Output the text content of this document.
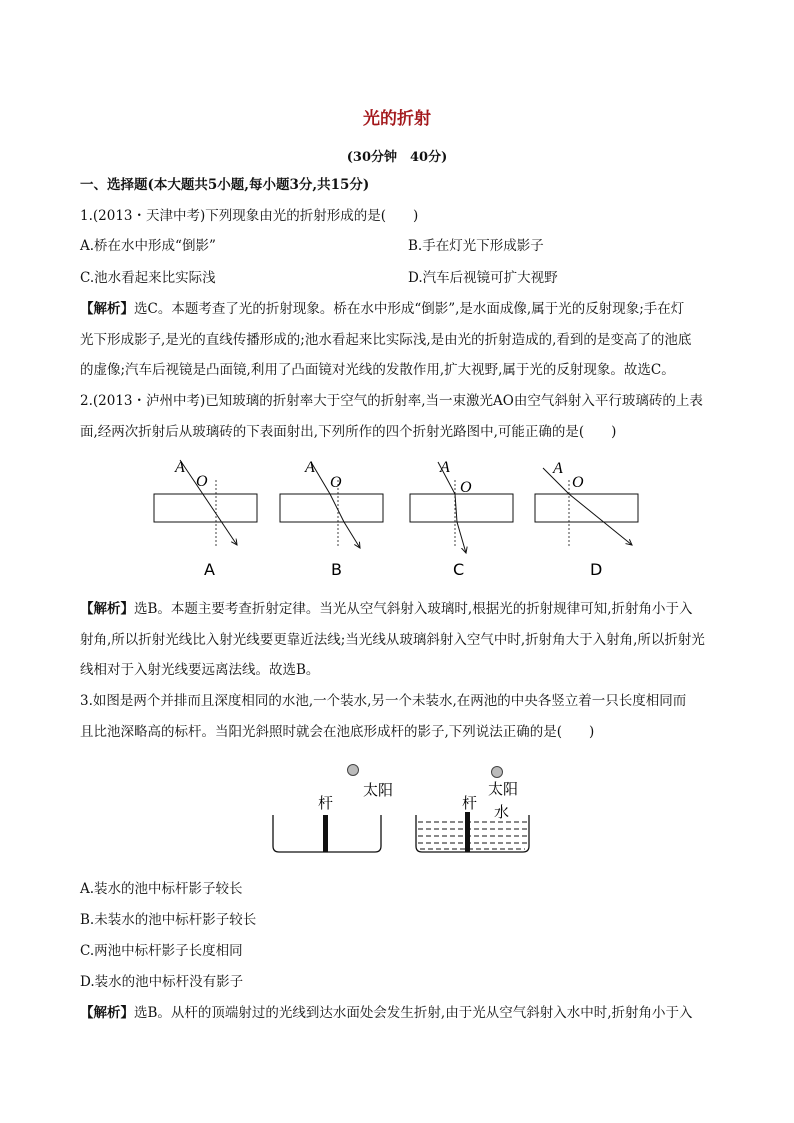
光的折射
(30分钟　40分)
一、选择题(本大题共5小题,每小题3分,共15分)
1.(2013・天津中考)下列现象由光的折射形成的是(　　)
A.桥在水中形成“倒影”	B.手在灯光下形成影子
C.池水看起来比实际浅	D.汽车后视镜可扩大视野
【解析】选C。本题考查了光的折射现象。桥在水中形成“倒影”,是水面成像,属于光的反射现象;手在灯
光下形成影子,是光的直线传播形成的;池水看起来比实际浅,是由光的折射造成的,看到的是变高了的池底
的虚像;汽车后视镜是凸面镜,利用了凸面镜对光线的发散作用,扩大视野,属于光的反射现象。故选C。
2.(2013・泸州中考)已知玻璃的折射率大于空气的折射率,当一束激光AO由空气斜射入平行玻璃砖的上表
面,经两次折射后从玻璃砖的下表面射出,下列所作的四个折射光路图中,可能正确的是(　　)
A
O
A
A
O
B
A
O
C
A
O
D
【解析】选B。本题主要考查折射定律。当光从空气斜射入玻璃时,根据光的折射规律可知,折射角小于入
射角,所以折射光线比入射光线要更靠近法线;当光线从玻璃斜射入空气中时,折射角大于入射角,所以折射光
线相对于入射光线要远离法线。故选B。
3.如图是两个并排而且深度相同的水池,一个装水,另一个未装水,在两池的中央各竖立着一只长度相同而
且比池深略高的标杆。当阳光斜照时就会在池底形成杆的影子,下列说法正确的是(　　)
杆
太阳
杆
太阳
水
A.装水的池中标杆影子较长
B.未装水的池中标杆影子较长
C.两池中标杆影子长度相同
D.装水的池中标杆没有影子
【解析】选B。从杆的顶端射过的光线到达水面处会发生折射,由于光从空气斜射入水中时,折射角小于入
